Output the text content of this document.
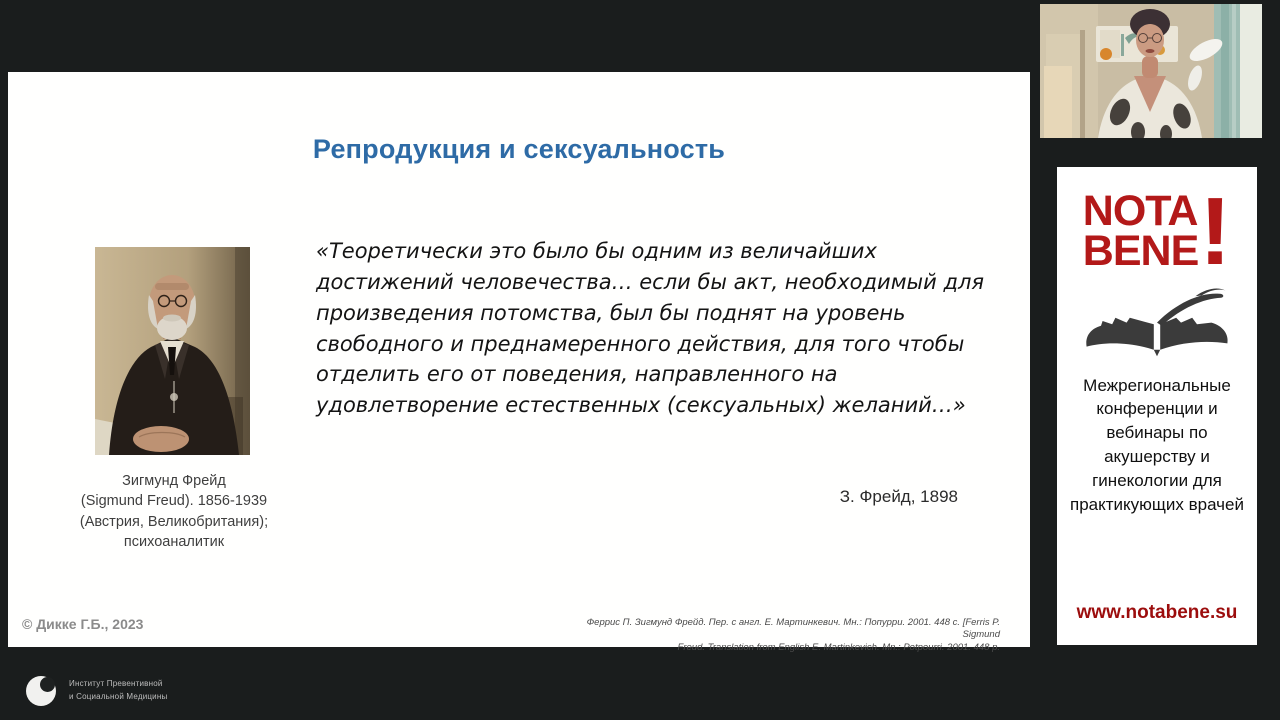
Репродукция и сексуальность
Зигмунд Фрейд
(Sigmund Freud). 1856-1939
(Австрия, Великобритания);
психоаналитик
«Теоретически это было бы одним из величайших достижений человечества… если бы акт, необходимый для произведения потомства, был бы поднят на уровень свободного и преднамеренного действия, для того чтобы отделить его от поведения, направленного на удовлетворение естественных (сексуальных) желаний…»
З. Фрейд, 1898
© Дикке Г.Б., 2023	Феррис П. Зигмунд Фрейд. Пер. с англ. Е. Мартинкевич. Мн.: Попурри. 2001. 448 с. [Ferris P. Sigmund
Freud. Translation from English E. Martinkevich. Mn.: Potpourri. 2001. 448 p.
NOTA
BENE !
Межрегиональные конференции и вебинары по акушерству и гинекологии для практикующих врачей
www.notabene.su
Институт Превентивной
и Социальной Медицины
